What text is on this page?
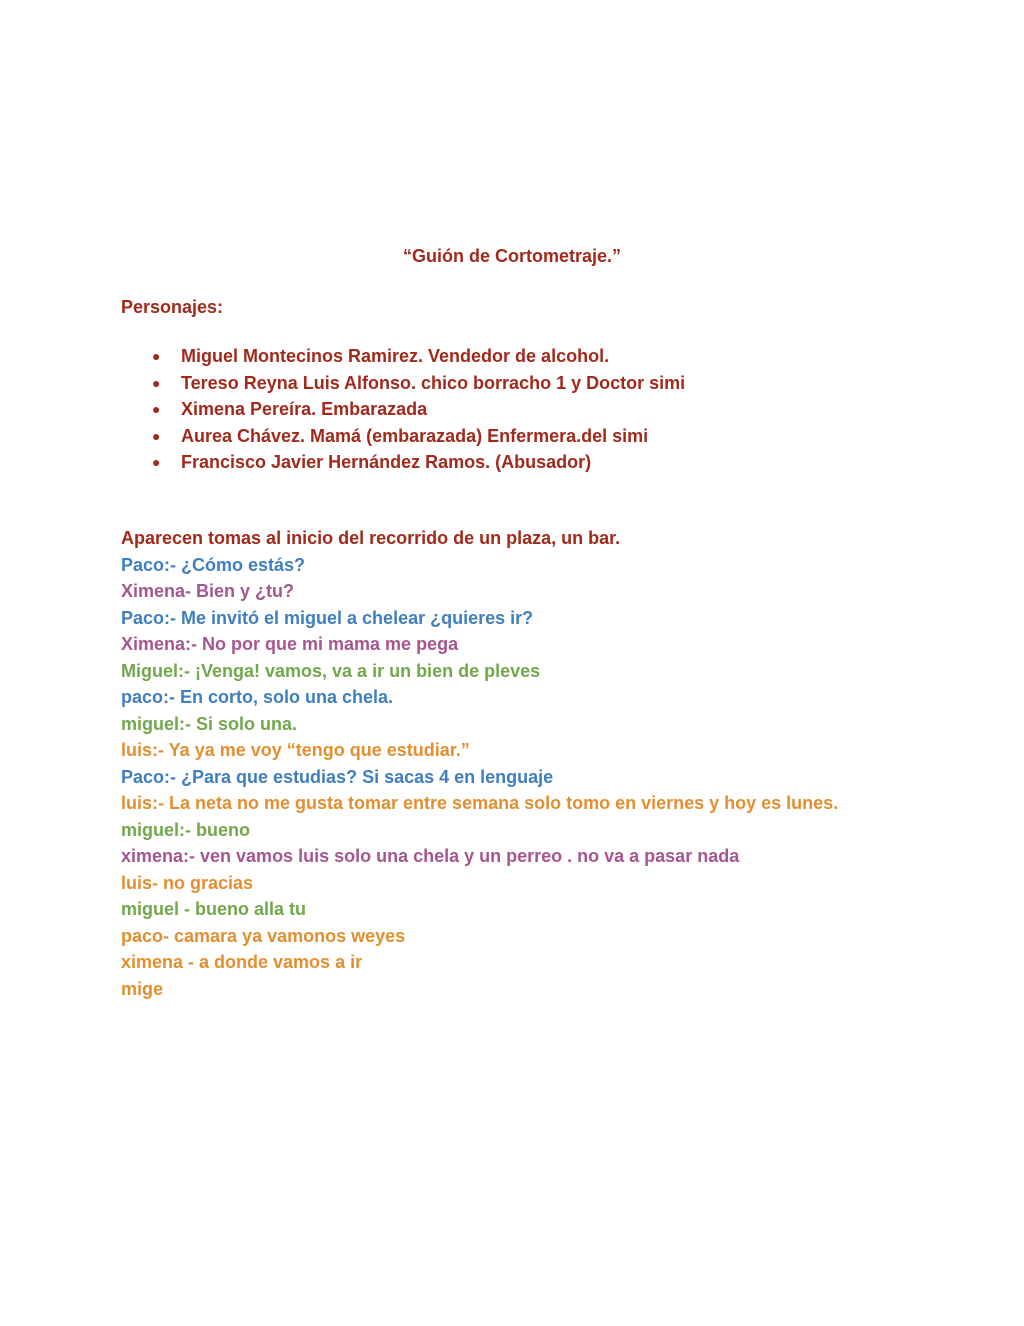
“Guión de Cortometraje.”
Personajes:
● Miguel Montecinos Ramirez. Vendedor de alcohol.
● Tereso Reyna Luis Alfonso. chico borracho 1 y Doctor simi
● Ximena Pereíra. Embarazada
● Aurea Chávez. Mamá (embarazada) Enfermera.del simi
● Francisco Javier Hernández Ramos. (Abusador)

Aparecen tomas al inicio del recorrido de un plaza, un bar.

Paco:- ¿Cómo estás?

Ximena- Bien y ¿tu?

Paco:- Me invitó el miguel a chelear ¿quieres ir?

Ximena:- No por que mi mama me pega

Miguel:- ¡Venga! vamos, va a ir un bien de pleves

paco:- En corto, solo una chela.

miguel:- Si solo una.

luis:- Ya ya me voy “tengo que estudiar.”

Paco:- ¿Para que estudias? Si sacas 4 en lenguaje

luis:- La neta no me gusta tomar entre semana solo tomo en viernes y hoy es lunes.

miguel:- bueno

ximena:- ven vamos luis solo una chela y un perreo . no va a pasar nada

luis- no gracias

miguel - bueno alla tu

paco- camara ya vamonos weyes

ximena - a donde vamos a ir

mige
